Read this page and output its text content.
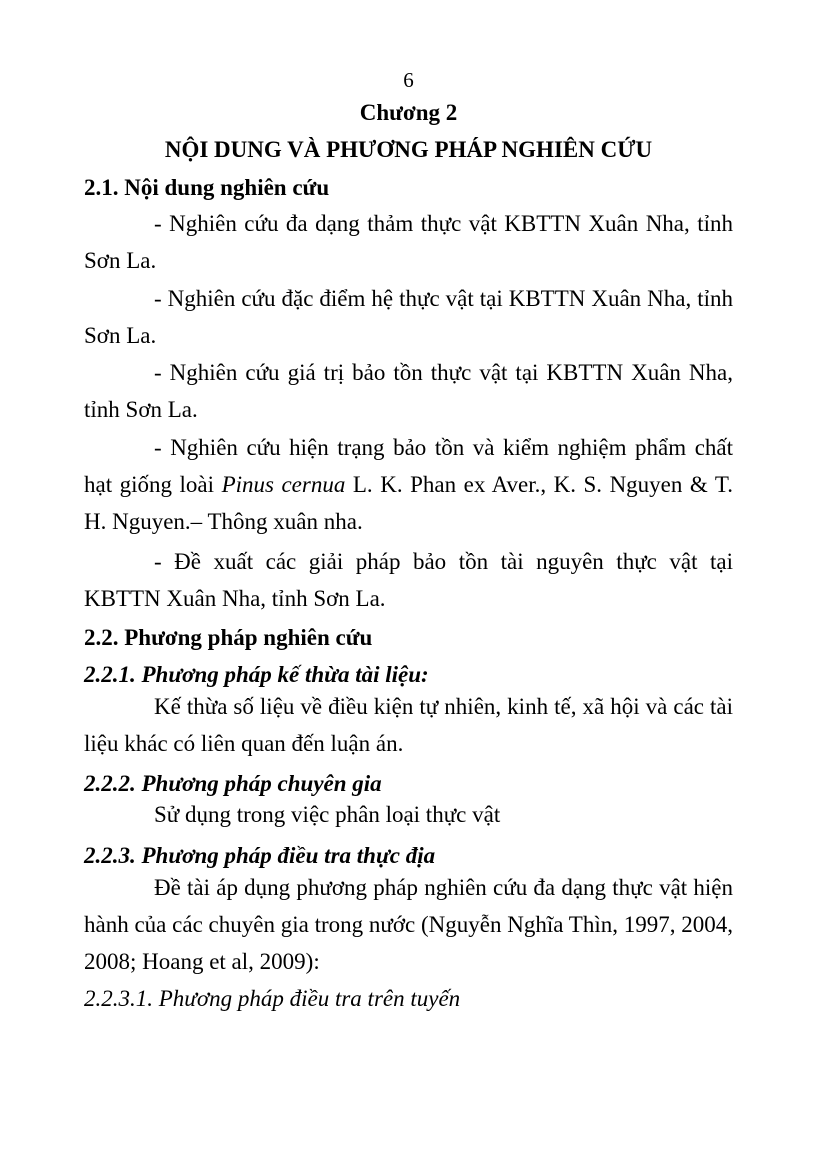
6
Chương 2
NỘI DUNG VÀ PHƯƠNG PHÁP NGHIÊN CỨU
2.1. Nội dung nghiên cứu
- Nghiên cứu đa dạng thảm thực vật KBTTN Xuân Nha, tỉnh Sơn La.
- Nghiên cứu đặc điểm hệ thực vật tại KBTTN Xuân Nha, tỉnh Sơn La.
- Nghiên cứu giá trị bảo tồn thực vật tại KBTTN Xuân Nha, tỉnh Sơn La.
- Nghiên cứu hiện trạng bảo tồn và kiểm nghiệm phẩm chất hạt giống loài Pinus cernua L. K. Phan ex Aver., K. S. Nguyen & T. H. Nguyen.– Thông xuân nha.
- Đề xuất các giải pháp bảo tồn tài nguyên thực vật tại KBTTN Xuân Nha, tỉnh Sơn La.
2.2. Phương pháp nghiên cứu
2.2.1. Phương pháp kế thừa tài liệu:
Kế thừa số liệu về điều kiện tự nhiên, kinh tế, xã hội và các tài liệu khác có liên quan đến luận án.
2.2.2. Phương pháp chuyên gia
Sử dụng trong việc phân loại thực vật
2.2.3. Phương pháp điều tra thực địa
Đề tài áp dụng phương pháp nghiên cứu đa dạng thực vật hiện hành của các chuyên gia trong nước (Nguyễn Nghĩa Thìn, 1997, 2004, 2008; Hoang et al, 2009):
2.2.3.1. Phương pháp điều tra trên tuyến
